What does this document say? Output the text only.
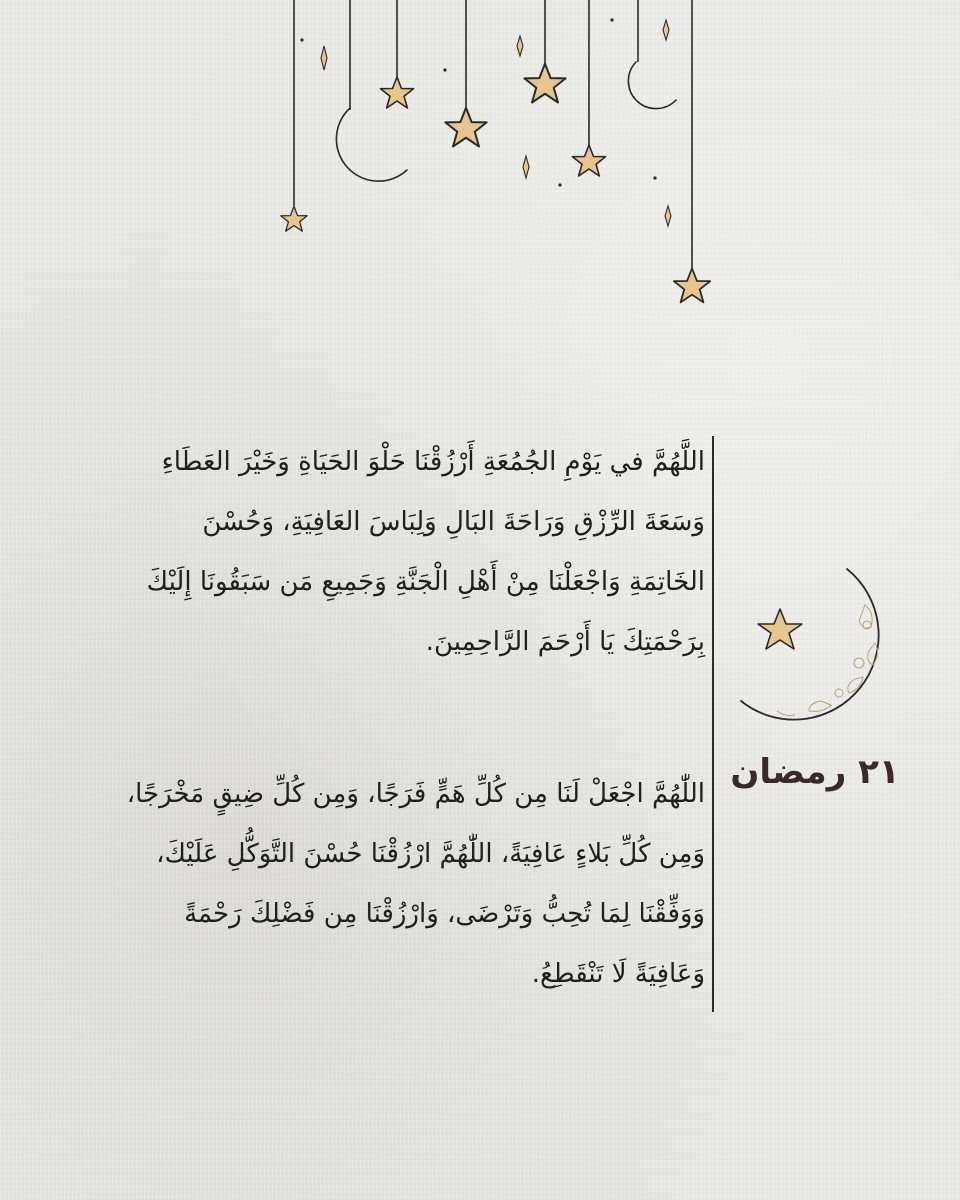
اللَّهُمَّ في يَوْمِ الجُمُعَةِ أَرْزُقْنَا حَلْوَ الحَيَاةِ وَخَيْرَ العَطَاءِ
وَسَعَةَ الرِّزْقِ وَرَاحَةَ البَالِ وَلِبَاسَ العَافِيَةِ، وَحُسْنَ
الخَاتِمَةِ وَاجْعَلْنَا مِنْ أَهْلِ الْجَنَّةِ وَجَمِيعِ مَن سَبَقُونَا إِلَيْكَ
بِرَحْمَتِكَ يَا أَرْحَمَ الرَّاحِمِينَ.
اللّٰهُمَّ اجْعَلْ لَنَا مِن كُلِّ هَمٍّ فَرَجًا، وَمِن كُلِّ ضِيقٍ مَخْرَجًا،
وَمِن كُلِّ بَلاءٍ عَافِيَةً، اللّٰهُمَّ ارْزُقْنَا حُسْنَ التَّوَكُّلِ عَلَيْكَ،
وَوَفِّقْنَا لِمَا تُحِبُّ وَتَرْضَى، وَارْزُقْنَا مِن فَضْلِكَ رَحْمَةً
وَعَافِيَةً لَا تَنْقَطِعُ.
٢١ رمضان
